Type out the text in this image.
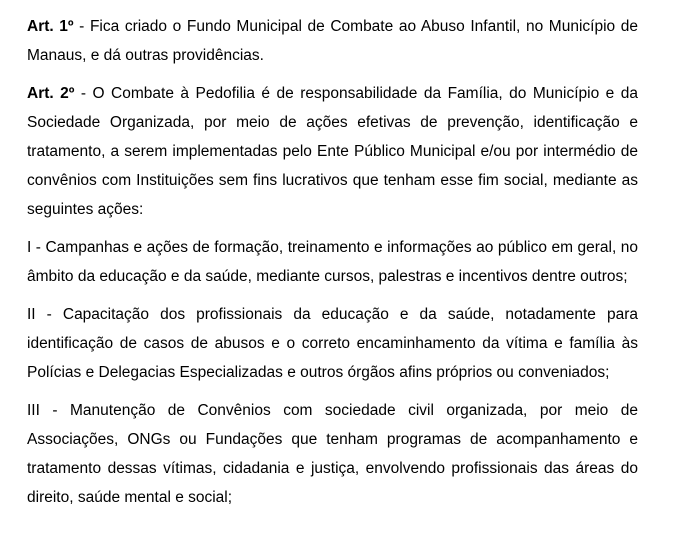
Art. 1º - Fica criado o Fundo Municipal de Combate ao Abuso Infantil, no Município de Manaus, e dá outras providências.

Art. 2º - O Combate à Pedofilia é de responsabilidade da Família, do Município e da Sociedade Organizada, por meio de ações efetivas de prevenção, identificação e tratamento, a serem implementadas pelo Ente Público Municipal e/ou por intermédio de convênios com Instituições sem fins lucrativos que tenham esse fim social, mediante as seguintes ações:

I - Campanhas e ações de formação, treinamento e informações ao público em geral, no âmbito da educação e da saúde, mediante cursos, palestras e incentivos dentre outros;

II - Capacitação dos profissionais da educação e da saúde, notadamente para identificação de casos de abusos e o correto encaminhamento da vítima e família às Polícias e Delegacias Especializadas e outros órgãos afins próprios ou conveniados;

III - Manutenção de Convênios com sociedade civil organizada, por meio de Associações, ONGs ou Fundações que tenham programas de acompanhamento e tratamento dessas vítimas, cidadania e justiça, envolvendo profissionais das áreas do direito, saúde mental e social;
